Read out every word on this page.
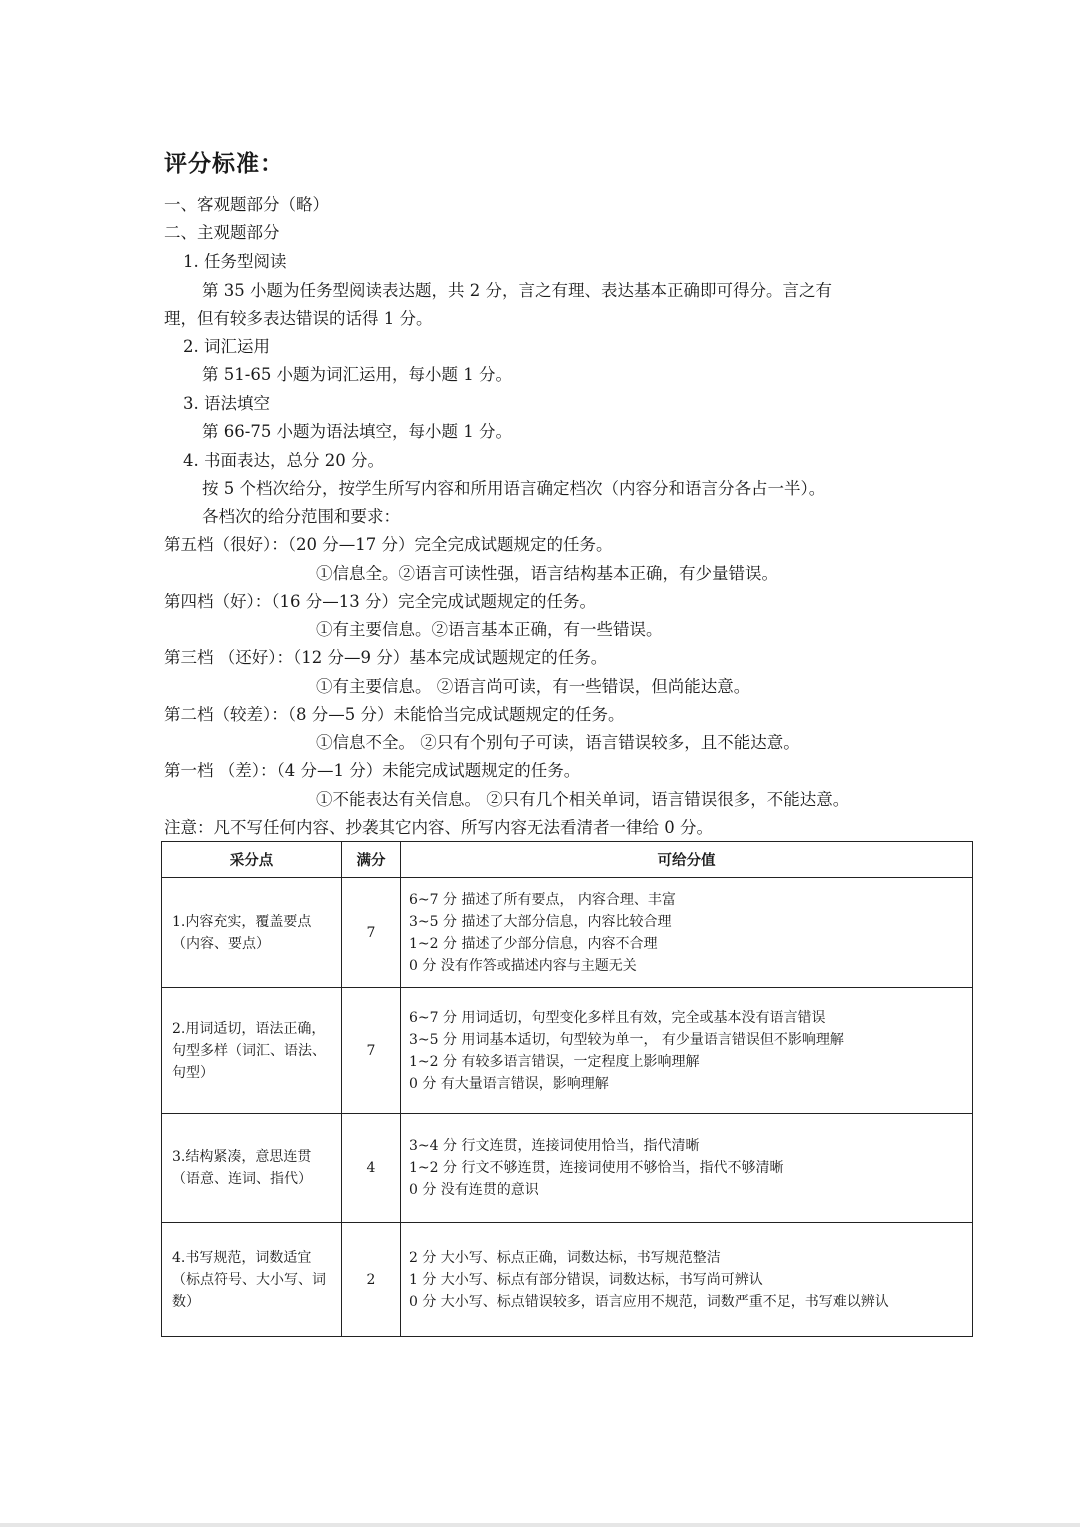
评分标准：
一、客观题部分（略）
二、主观题部分
1. 任务型阅读
第 35 小题为任务型阅读表达题，共 2 分，言之有理、表达基本正确即可得分。言之有
理，但有较多表达错误的话得 1 分。
2. 词汇运用
第 51-65 小题为词汇运用，每小题 1 分。
3. 语法填空
第 66-75 小题为语法填空，每小题 1 分。
4. 书面表达，总分 20 分。
按 5 个档次给分，按学生所写内容和所用语言确定档次（内容分和语言分各占一半）。
各档次的给分范围和要求：
第五档（很好）：（20 分—17 分）完全完成试题规定的任务。
①信息全。②语言可读性强，语言结构基本正确，有少量错误。
第四档（好）：（16 分—13 分）完全完成试题规定的任务。
①有主要信息。②语言基本正确，有一些错误。
第三档 （还好）：（12 分—9 分）基本完成试题规定的任务。
①有主要信息。 ②语言尚可读，有一些错误，但尚能达意。
第二档（较差）：（8 分—5 分）未能恰当完成试题规定的任务。
①信息不全。 ②只有个别句子可读，语言错误较多，且不能达意。
第一档 （差）：（4 分—1 分）未能完成试题规定的任务。
①不能表达有关信息。 ②只有几个相关单词，语言错误很多，不能达意。
注意：凡不写任何内容、抄袭其它内容、所写内容无法看清者一律给 0 分。
采分点	满分	可给分值
1.内容充实，覆盖要点（内容、要点）	7	6~7 分 描述了所有要点， 内容合理、丰富
3~5 分 描述了大部分信息，内容比较合理
1~2 分 描述了少部分信息，内容不合理
0 分 没有作答或描述内容与主题无关

2.用词适切，语法正确，句型多样（词汇、语法、句型）	7	6~7 分 用词适切，句型变化多样且有效，完全或基本没有语言错误
3~5 分 用词基本适切，句型较为单一， 有少量语言错误但不影响理解
1~2 分 有较多语言错误，一定程度上影响理解
0 分 有大量语言错误，影响理解

3.结构紧凑，意思连贯（语意、连词、指代）	4	3~4 分 行文连贯，连接词使用恰当，指代清晰
1~2 分 行文不够连贯，连接词使用不够恰当，指代不够清晰
0 分 没有连贯的意识

4.书写规范，词数适宜（标点符号、大小写、词数）	2	2 分 大小写、标点正确，词数达标，书写规范整洁
1 分 大小写、标点有部分错误，词数达标，书写尚可辨认
0 分 大小写、标点错误较多，语言应用不规范，词数严重不足，书写难以辨认
